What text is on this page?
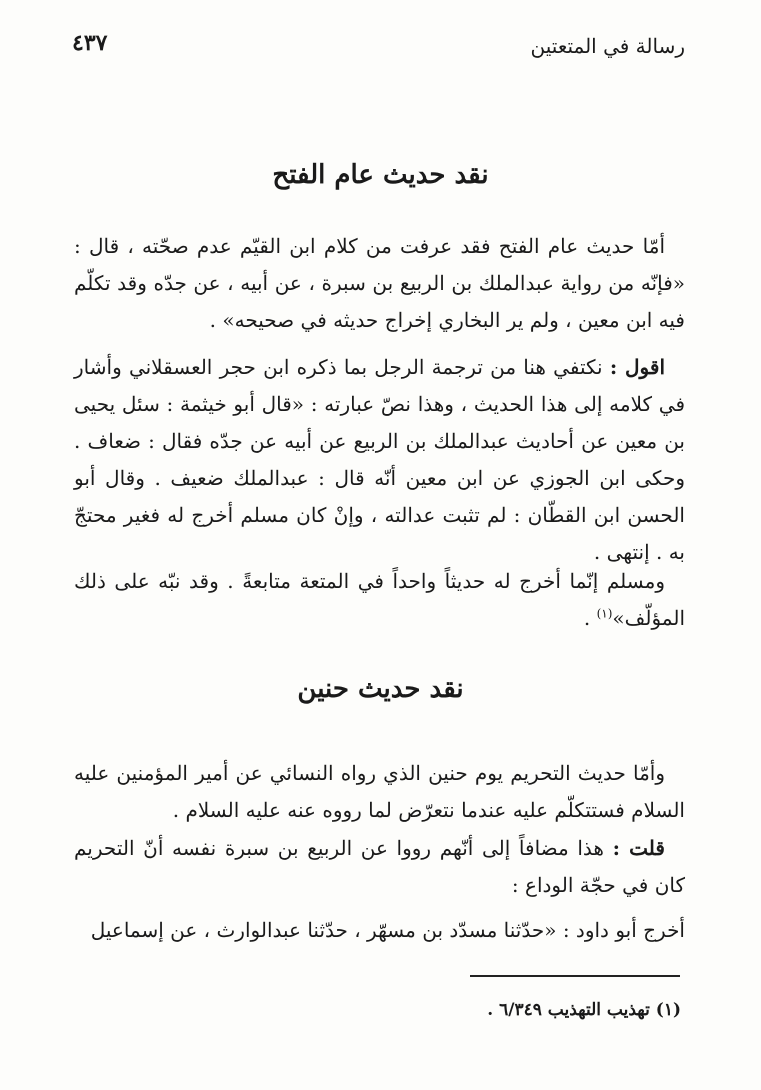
رسالة في المتعتين
٤٣٧
نقد حديث عام الفتح

أمّا حديث عام الفتح فقد عرفت من كلام ابن القيّم عدم صحّته ، قال : «فإنّه من رواية عبدالملك بن الربيع بن سبرة ، عن أبيه ، عن جدّه وقد تكلّم فيه ابن معين ، ولم ير البخاري إخراج حديثه في صحيحه» .

اقول : نكتفي هنا من ترجمة الرجل بما ذكره ابن حجر العسقلاني وأشار في كلامه إلى هذا الحديث ، وهذا نصّ عبارته : «قال أبو خيثمة : سئل يحيى بن معين عن أحاديث عبدالملك بن الربيع عن أبيه عن جدّه فقال : ضعاف . وحكى ابن الجوزي عن ابن معين أنّه قال : عبدالملك ضعيف . وقال أبو الحسن ابن القطّان : لم تثبت عدالته ، وإنْ كان مسلم أخرج له فغير محتجّ به . إنتهى .

ومسلم إنّما أخرج له حديثاً واحداً في المتعة متابعةً . وقد نبّه على ذلك المؤلّف»$^{(١)}$ .

نقد حديث حنين

وأمّا حديث التحريم يوم حنين الذي رواه النسائي عن أمير المؤمنين عليه السلام فستتكلّم عليه عندما نتعرّض لما رووه عنه عليه السلام .

قلت : هذا مضافاً إلى أنّهم رووا عن الربيع بن سبرة نفسه أنّ التحريم كان في حجّة الوداع :

أخرج أبو داود : «حدّثنا مسدّد بن مسهّر ، حدّثنا عبدالوارث ، عن إسماعيل

(١) تهذيب التهذيب ٦/٣٤٩ .
